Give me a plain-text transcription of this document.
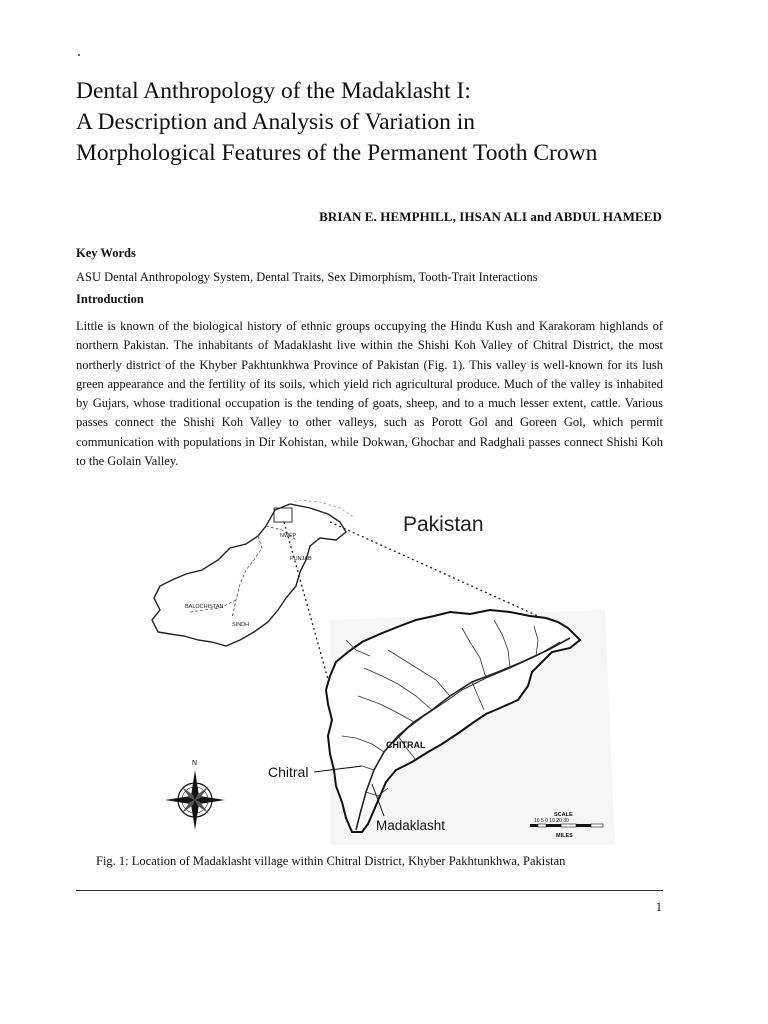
Dental Anthropology of the Madaklasht I:
A Description and Analysis of Variation in
Morphological Features of the Permanent Tooth Crown
BRIAN E. HEMPHILL, IHSAN ALI and ABDUL HAMEED
Key Words
ASU Dental Anthropology System, Dental Traits, Sex Dimorphism, Tooth-Trait Interactions
Introduction

Little is known of the biological history of ethnic groups occupying the Hindu Kush and Karakoram highlands of northern Pakistan. The inhabitants of Madaklasht live within the Shishi Koh Valley of Chitral District, the most northerly district of the Khyber Pakhtunkhwa Province of Pakistan (Fig. 1). This valley is well-known for its lush green appearance and the fertility of its soils, which yield rich agricultural produce. Much of the valley is inhabited by Gujars, whose traditional occupation is the tending of goats, sheep, and to a much lesser extent, cattle. Various passes connect the Shishi Koh Valley to other valleys, such as Porott Gol and Goreen Gol, which permit communication with populations in Dir Kohistan, while Dokwan, Ghochar and Radghali passes connect Shishi Koh to the Golain Valley.

NWFP
PUNJAB
BALOCHISTAN
SINDH
Pakistan
CHITRAL
Chitral
Madaklasht
N
SCALE
10 5 0 10 20 30
MILES
Fig. 1: Location of Madaklasht village within Chitral District, Khyber Pakhtunkhwa, Pakistan
1
